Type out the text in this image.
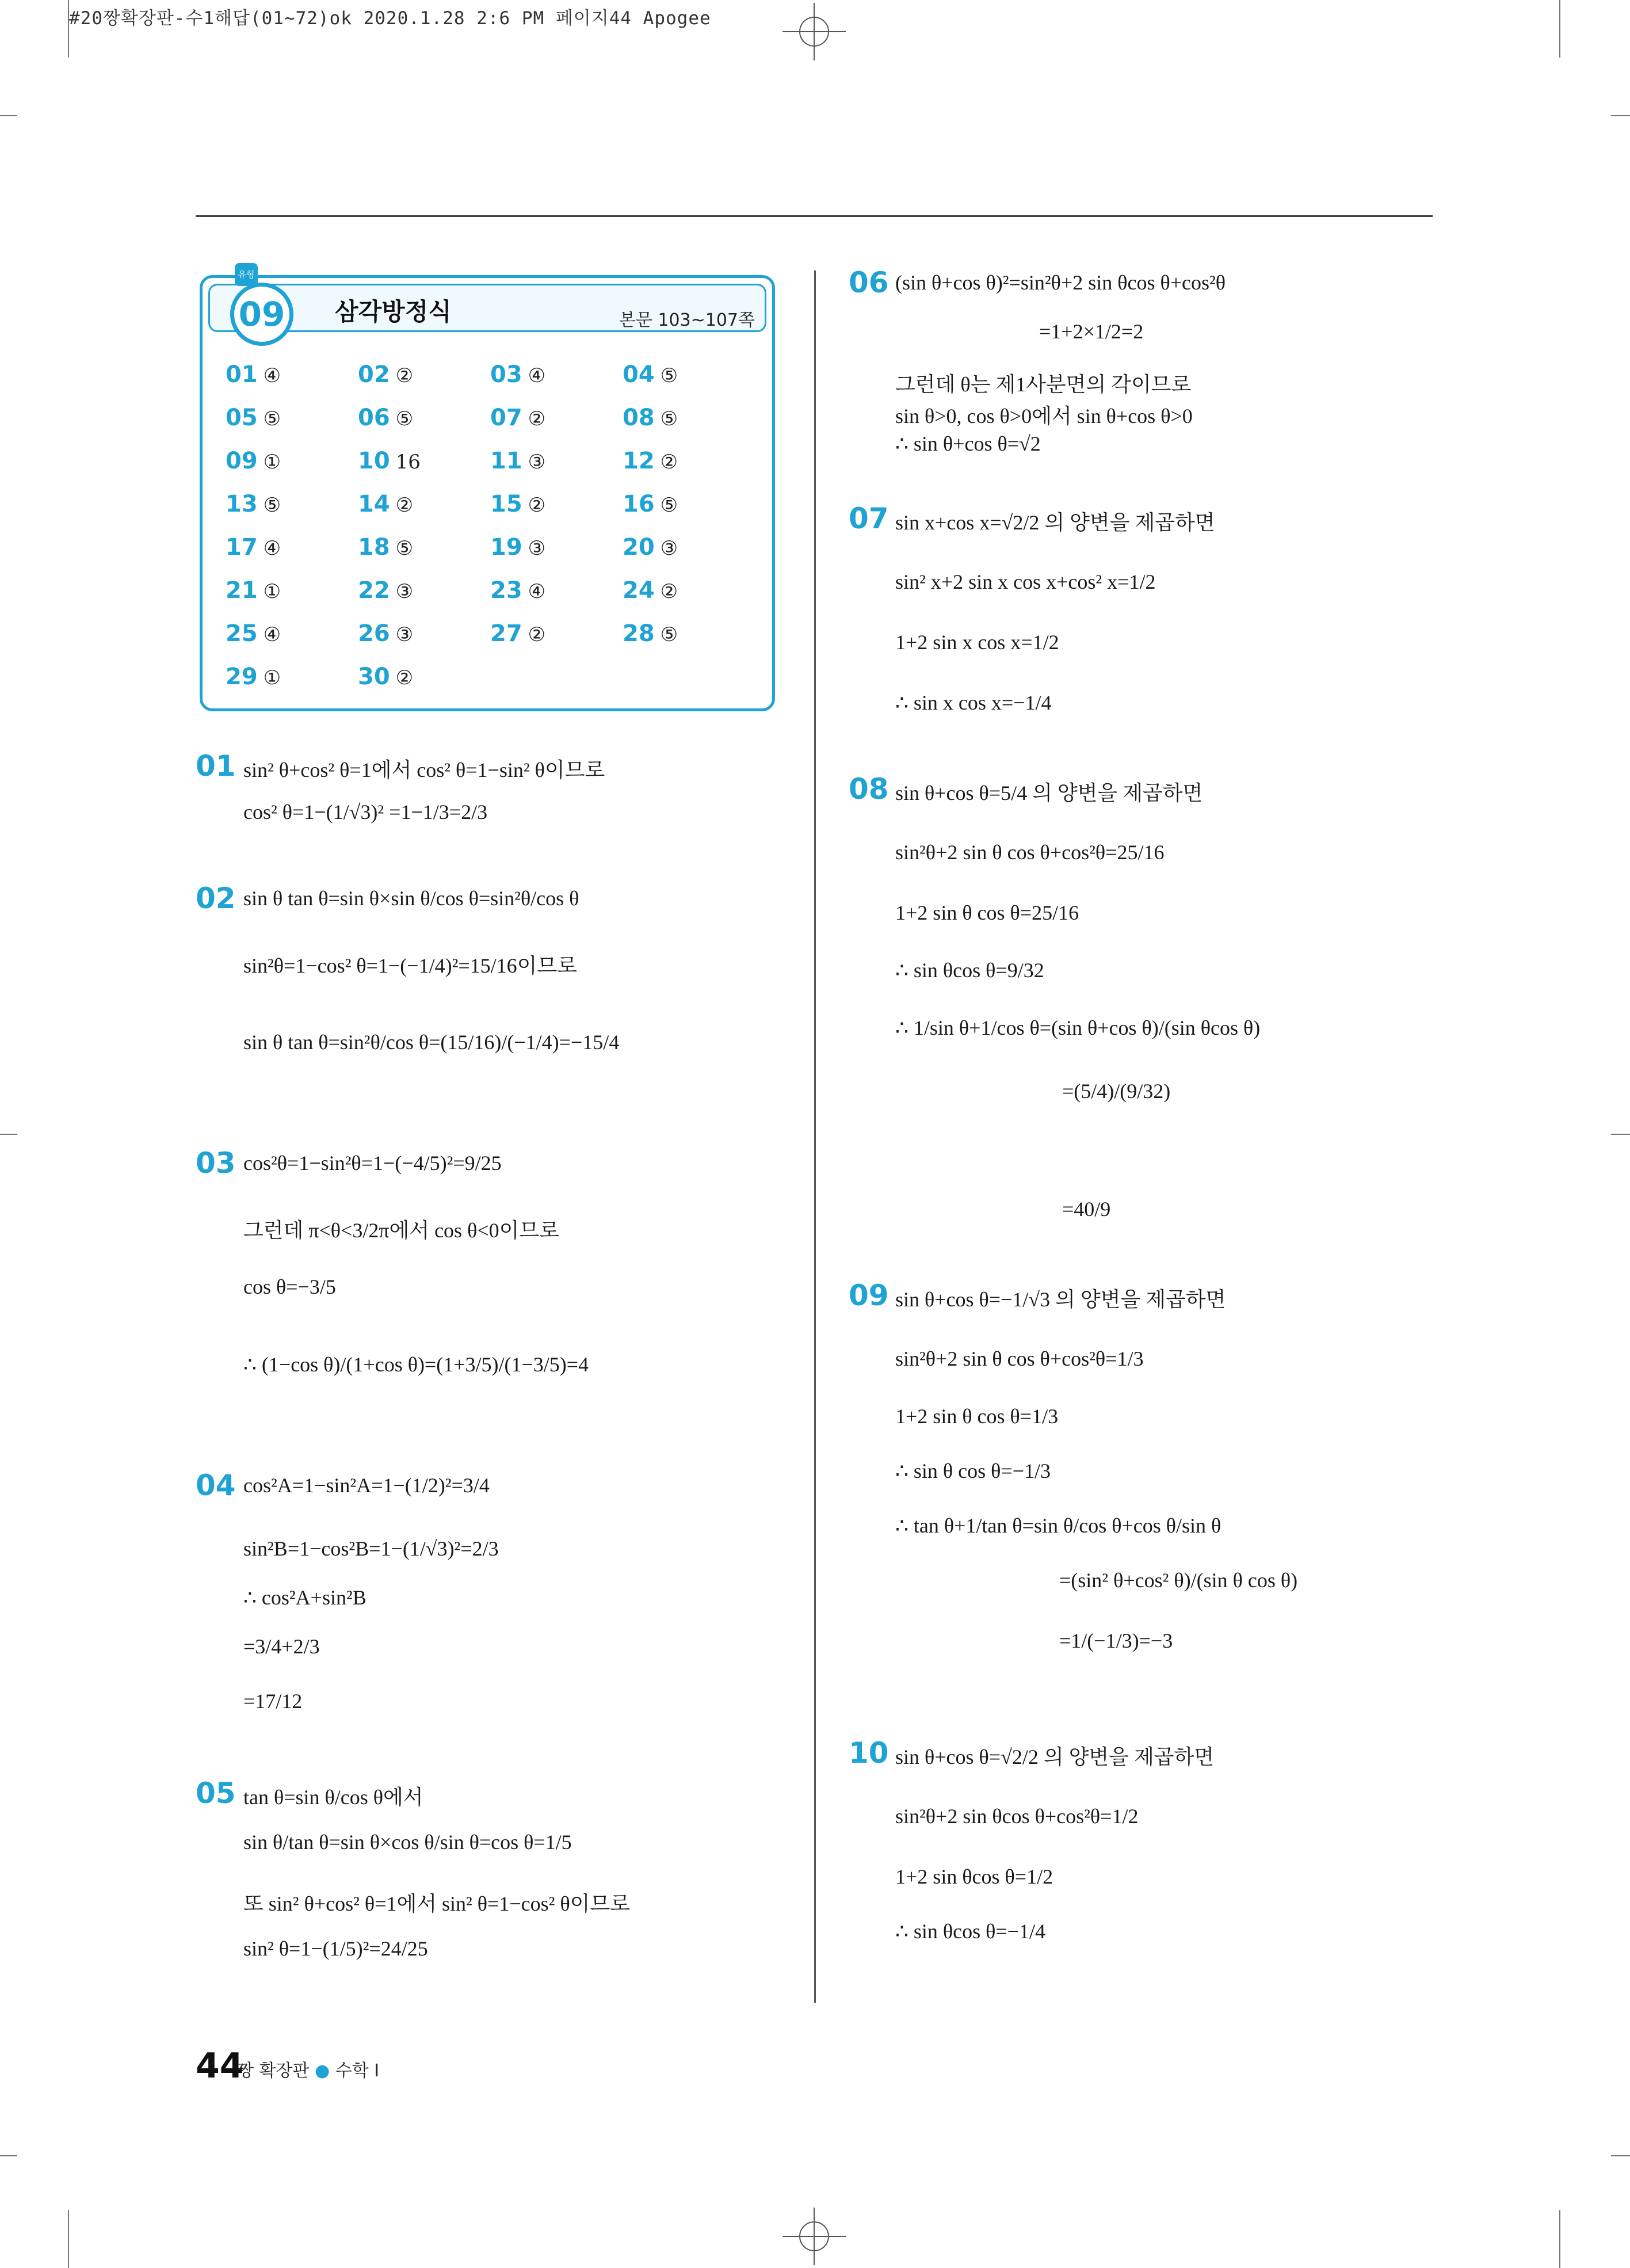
#20짱확장판-수1해답(01~72)ok 2020.1.28 2:6 PM 페이지44 Apogee
유형
09	삼각방정식	본문 103~107쪽
01 ④	02 ②	03 ④	04 ⑤
05 ⑤	06 ⑤	07 ②	08 ⑤
09 ①	10 16	11 ③	12 ②
13 ⑤	14 ②	15 ②	16 ⑤
17 ④	18 ⑤	19 ③	20 ③
21 ①	22 ③	23 ④	24 ②
25 ④	26 ③	27 ②	28 ⑤
29 ①	30 ②
01 sin² θ+cos² θ=1에서 cos² θ=1−sin² θ이므로
cos² θ=1−(1/√3)² =1−1/3=2/3
02 sin θ tan θ=sin θ×sin θ/cos θ=sin²θ/cos θ
sin²θ=1−cos² θ=1−(−1/4)²=15/16이므로
sin θ tan θ=sin²θ/cos θ=(15/16)/(−1/4)=−15/4
03 cos²θ=1−sin²θ=1−(−4/5)²=9/25
그런데 π<θ<3/2π에서 cos θ<0이므로
cos θ=−3/5
∴ (1−cos θ)/(1+cos θ)=(1+3/5)/(1−3/5)=4
04 cos²A=1−sin²A=1−(1/2)²=3/4
sin²B=1−cos²B=1−(1/√3)²=2/3
∴ cos²A+sin²B
=3/4+2/3
=17/12
05 tan θ=sin θ/cos θ에서
sin θ/tan θ=sin θ×cos θ/sin θ=cos θ=1/5
또 sin² θ+cos² θ=1에서 sin² θ=1−cos² θ이므로
sin² θ=1−(1/5)²=24/25
06 (sin θ+cos θ)²=sin²θ+2 sin θcos θ+cos²θ
=1+2×1/2=2
그런데 θ는 제1사분면의 각이므로
sin θ>0, cos θ>0에서 sin θ+cos θ>0
∴ sin θ+cos θ=√2
07 sin x+cos x=√2/2 의 양변을 제곱하면
sin² x+2 sin x cos x+cos² x=1/2
1+2 sin x cos x=1/2
∴ sin x cos x=−1/4
08 sin θ+cos θ=5/4 의 양변을 제곱하면
sin²θ+2 sin θ cos θ+cos²θ=25/16
1+2 sin θ cos θ=25/16
∴ sin θcos θ=9/32
∴ 1/sin θ+1/cos θ=(sin θ+cos θ)/(sin θcos θ)
=(5/4)/(9/32)
=40/9
09 sin θ+cos θ=−1/√3 의 양변을 제곱하면
sin²θ+2 sin θ cos θ+cos²θ=1/3
1+2 sin θ cos θ=1/3
∴ sin θ cos θ=−1/3
∴ tan θ+1/tan θ=sin θ/cos θ+cos θ/sin θ
=(sin² θ+cos² θ)/(sin θ cos θ)
=1/(−1/3)=−3
10 sin θ+cos θ=√2/2 의 양변을 제곱하면
sin²θ+2 sin θcos θ+cos²θ=1/2
1+2 sin θcos θ=1/2
∴ sin θcos θ=−1/4
44
짱 확장판 ● 수학 Ⅰ
